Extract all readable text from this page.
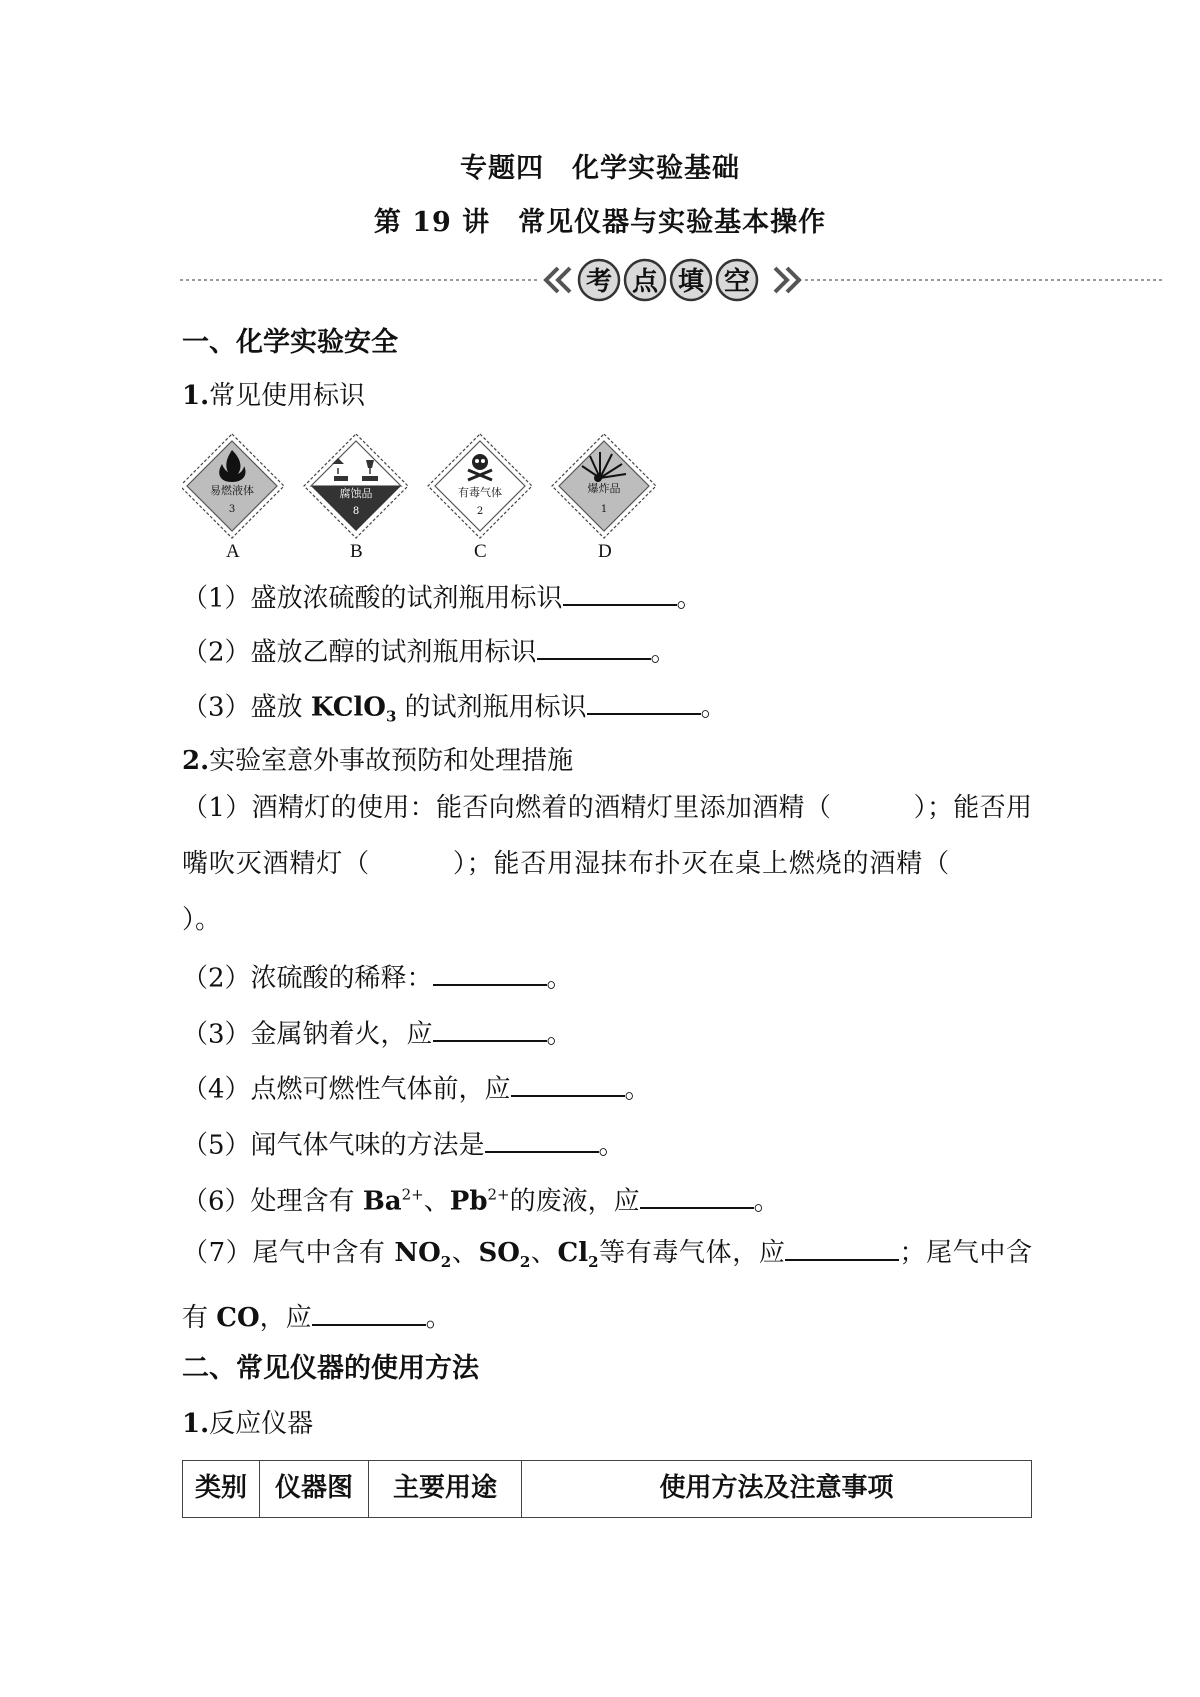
专题四　化学实验基础
第 19 讲　常见仪器与实验基本操作
考 点 填 空
一、化学实验安全
1.常见使用标识
易燃液体
3
腐蚀品
8
有毒气体
2
爆炸品
1
A	B	C	D
（1）盛放浓硫酸的试剂瓶用标识	。
（2）盛放乙醇的试剂瓶用标识	。
（3）盛放 KClO$_3$ 的试剂瓶用标识	。
2.实验室意外事故预防和处理措施
（1）酒精灯的使用：能否向燃着的酒精灯里添加酒精（	）；能否用嘴吹灭酒精灯（	）；能否用湿抹布扑灭在桌上燃烧的酒精（）。
（2）浓硫酸的稀释：	。
（3）金属钠着火，应	。
（4）点燃可燃性气体前，应	。
（5）闻气体气味的方法是	。
（6）处理含有 $Ba^{2+}$、$Pb^{2+}$的废液，应	。
（7）尾气中含有 $NO_2$、$SO_2$、$Cl_2$等有毒气体，应	；尾气中含有 CO，应	。
二、常见仪器的使用方法
1.反应仪器
类别	仪器图	主要用途	使用方法及注意事项
